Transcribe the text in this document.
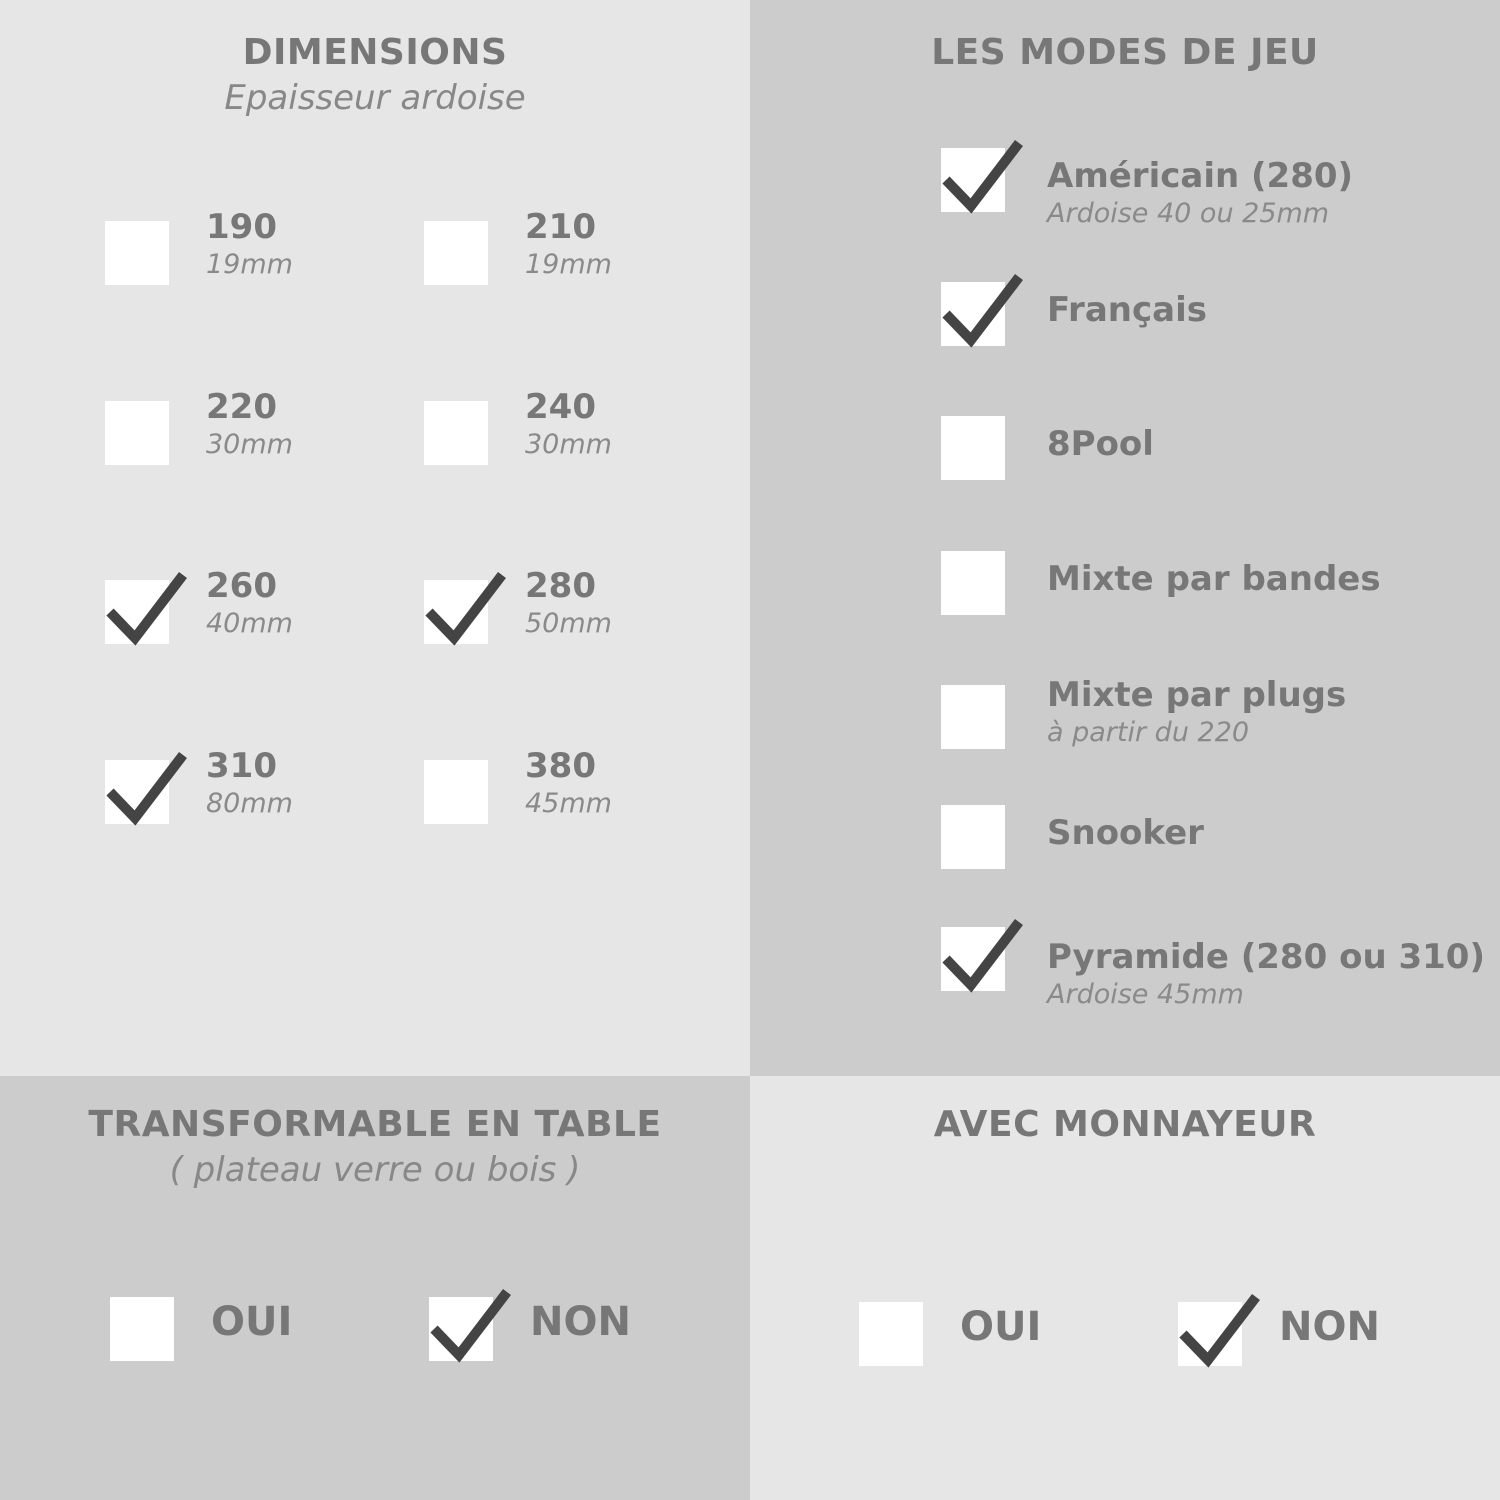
DIMENSIONS
Epaisseur ardoise
190
19mm
210
19mm
220
30mm
240
30mm
260
40mm
280
50mm
310
80mm
380
45mm
LES MODES DE JEU
Américain (280)
Ardoise 40 ou 25mm
Français
8Pool
Mixte par bandes
Mixte par plugs
à partir du 220
Snooker
Pyramide (280 ou 310)
Ardoise 45mm
TRANSFORMABLE EN TABLE
( plateau verre ou bois )
OUI	NON
AVEC MONNAYEUR
OUI	NON
